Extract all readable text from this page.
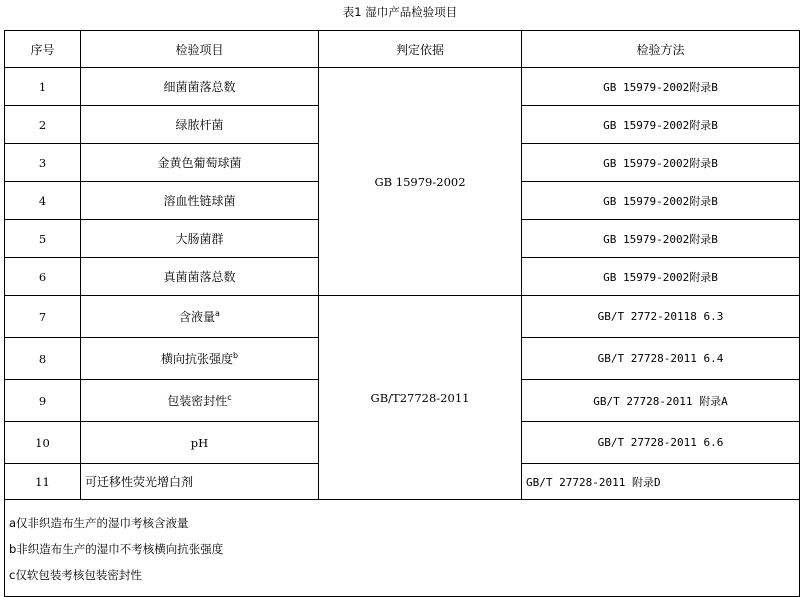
表1 湿巾产品检验项目
序号	检验项目	判定依据	检验方法
1	细菌菌落总数	GB 15979-2002	GB 15979-2002附录B
2	绿脓杆菌		GB 15979-2002附录B
3	金黄色葡萄球菌		GB 15979-2002附录B
4	溶血性链球菌		GB 15979-2002附录B
5	大肠菌群		GB 15979-2002附录B
6	真菌菌落总数		GB 15979-2002附录B
7	含液量$^a$	GB/T27728-2011	GB/T 2772-20118 6.3
8	横向抗张强度$^b$		GB/T 27728-2011 6.4
9	包装密封性$^c$		GB/T 27728-2011 附录A
10	pH		GB/T 27728-2011 6.6
11	可迁移性荧光增白剂		GB/T 27728-2011 附录D

a仅非织造布生产的湿巾考核含液量
b非织造布生产的湿巾不考核横向抗张强度
c仅软包装考核包装密封性			
